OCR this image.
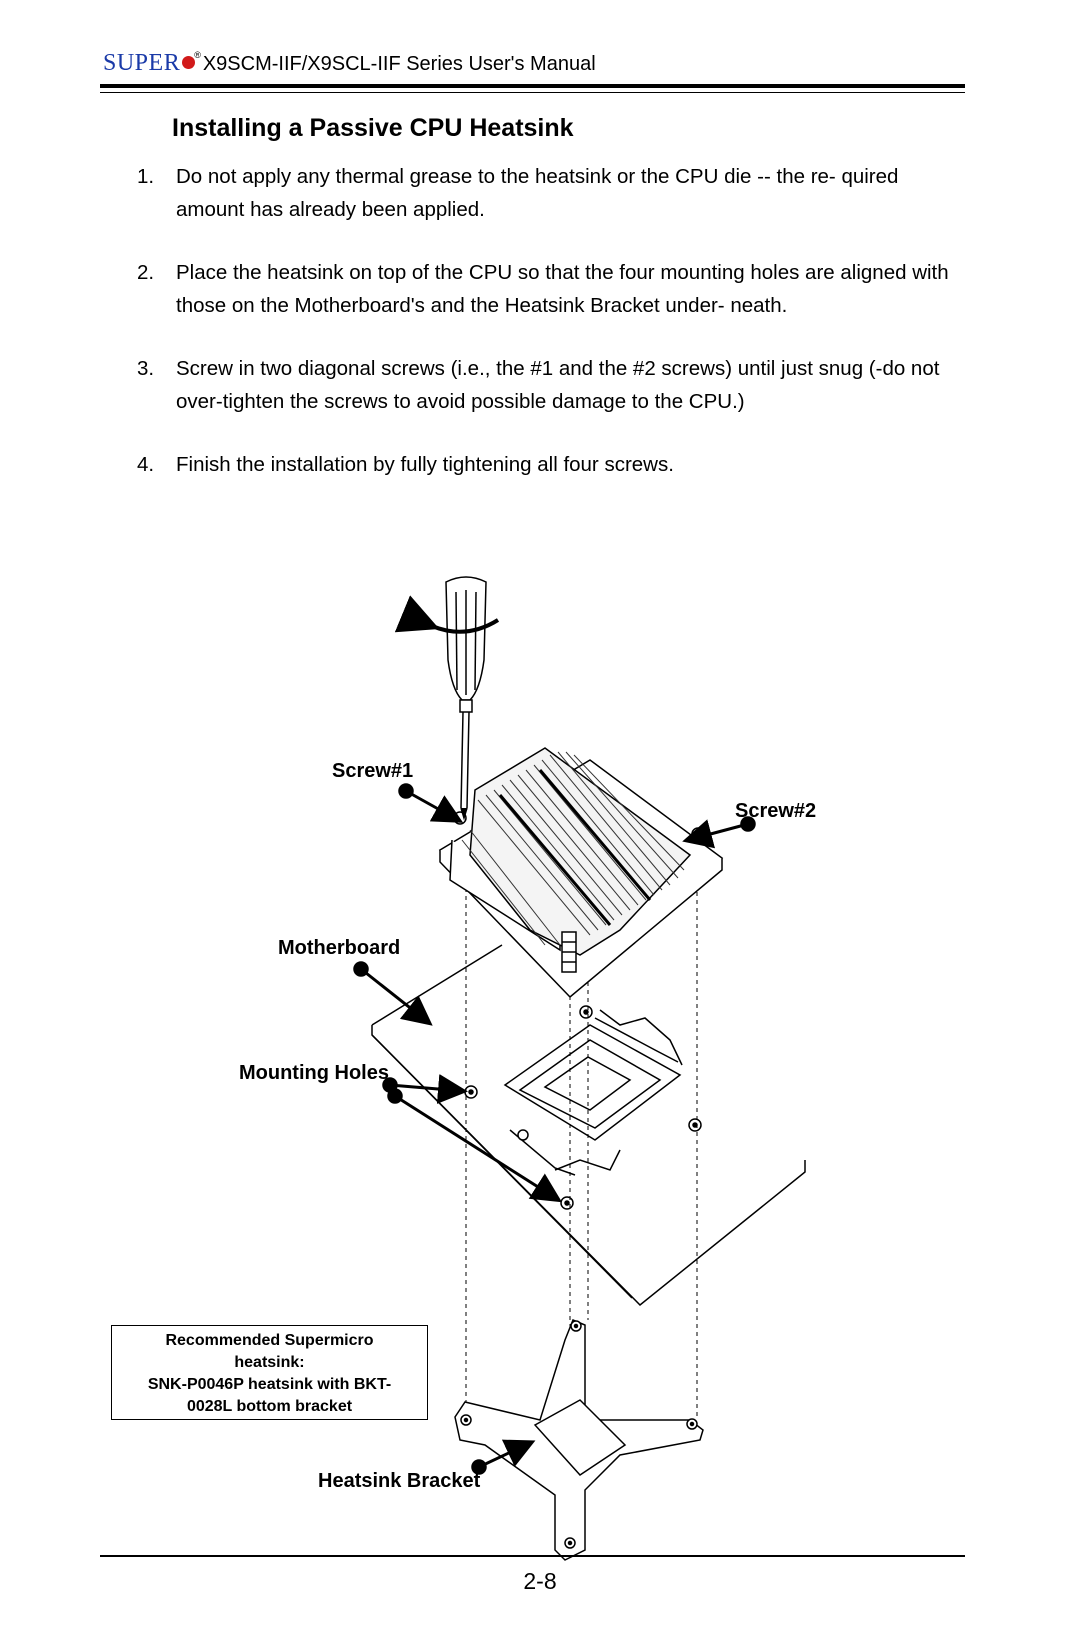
SUPER ® X9SCM-IIF/X9SCL-IIF Series User's Manual
Installing a Passive CPU Heatsink
1.	Do not apply any thermal grease to the heatsink or the CPU die -- the re- quired amount has already been applied.
2.	Place the heatsink on top of the CPU so that the four mounting holes are aligned with those on the Motherboard's and the Heatsink Bracket under- neath.
3.	Screw in two diagonal screws (i.e., the #1 and the #2 screws) until just snug (-do not over-tighten the screws to avoid possible damage to the CPU.)
4.	Finish the installation by fully tightening all four screws.
Screw#1
Screw#2
Motherboard
Mounting Holes
Heatsink Bracket
Recommended Supermicro
heatsink:
SNK-P0046P heatsink with BKT-
0028L bottom bracket
2-8
